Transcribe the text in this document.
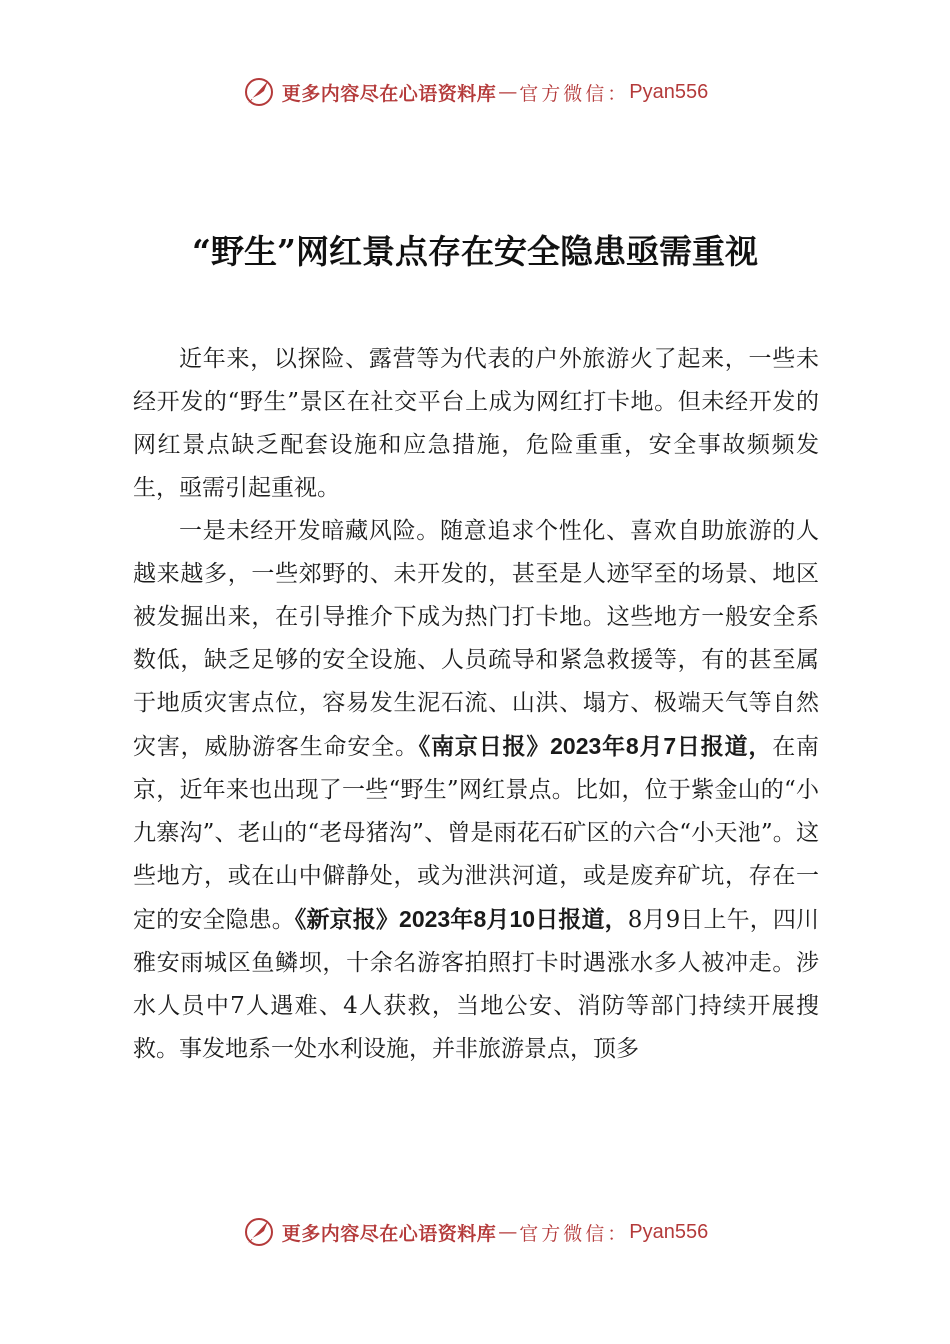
更多内容尽在心语资料库 — 官方微信： Pyan556
“野生”网红景点存在安全隐患亟需重视

近年来，以探险、露营等为代表的户外旅游火了起来，一些未经开发的“野生”景区在社交平台上成为网红打卡地。但未经开发的网红景点缺乏配套设施和应急措施，危险重重，安全事故频频发生，亟需引起重视。

一是未经开发暗藏风险。随意追求个性化、喜欢自助旅游的人越来越多，一些郊野的、未开发的，甚至是人迹罕至的场景、地区被发掘出来，在引导推介下成为热门打卡地。这些地方一般安全系数低，缺乏足够的安全设施、人员疏导和紧急救援等，有的甚至属于地质灾害点位，容易发生泥石流、山洪、塌方、极端天气等自然灾害，威胁游客生命安全。《南京日报》2023年8月7日报道，在南京，近年来也出现了一些“野生”网红景点。比如，位于紫金山的“小九寨沟”、老山的“老母猪沟”、曾是雨花石矿区的六合“小天池”。这些地方，或在山中僻静处，或为泄洪河道，或是废弃矿坑，存在一定的安全隐患。《新京报》2023年8月10日报道，8月9日上午，四川雅安雨城区鱼鳞坝，十余名游客拍照打卡时遇涨水多人被冲走。涉水人员中7人遇难、4人获救，当地公安、消防等部门持续开展搜救。事发地系一处水利设施，并非旅游景点，顶多

更多内容尽在心语资料库 — 官方微信： Pyan556
